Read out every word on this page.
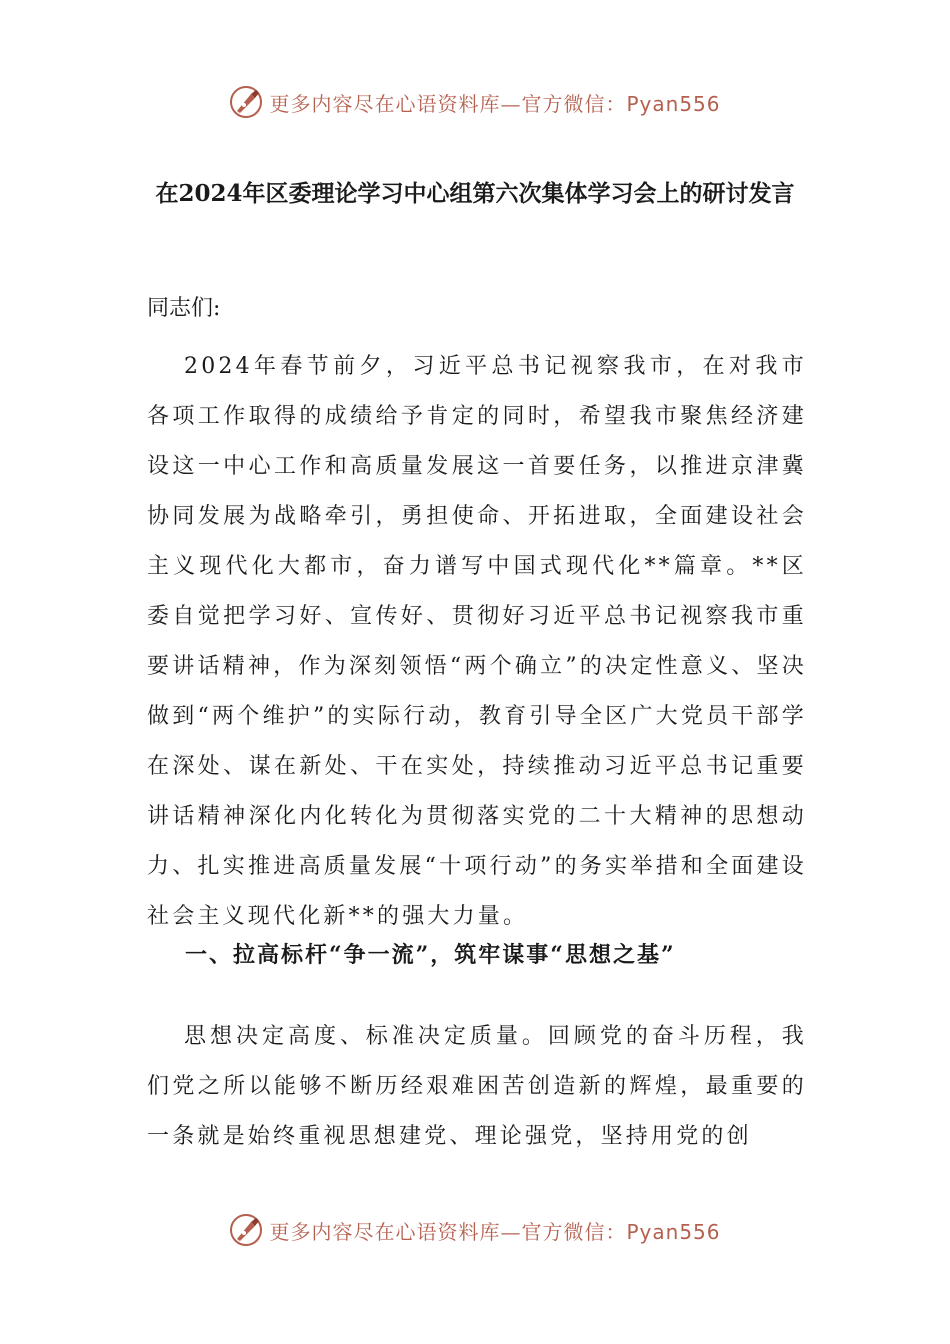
更多内容尽在心语资料库—官方微信：Pyan556
在2024年区委理论学习中心组第六次集体学习会上的研讨发言

同志们:

2024年春节前夕，习近平总书记视察我市，在对我市各项工作取得的成绩给予肯定的同时，希望我市聚焦经济建设这一中心工作和高质量发展这一首要任务，以推进京津冀协同发展为战略牵引，勇担使命、开拓进取，全面建设社会主义现代化大都市，奋力谱写中国式现代化**篇章。**区委自觉把学习好、宣传好、贯彻好习近平总书记视察我市重要讲话精神，作为深刻领悟“两个确立”的决定性意义、坚决做到“两个维护”的实际行动，教育引导全区广大党员干部学在深处、谋在新处、干在实处，持续推动习近平总书记重要讲话精神深化内化转化为贯彻落实党的二十大精神的思想动力、扎实推进高质量发展“十项行动”的务实举措和全面建设社会主义现代化新**的强大力量。

一、拉高标杆“争一流”，筑牢谋事“思想之基”

思想决定高度、标准决定质量。回顾党的奋斗历程，我们党之所以能够不断历经艰难困苦创造新的辉煌，最重要的一条就是始终重视思想建党、理论强党，坚持用党的创

更多内容尽在心语资料库—官方微信：Pyan556
